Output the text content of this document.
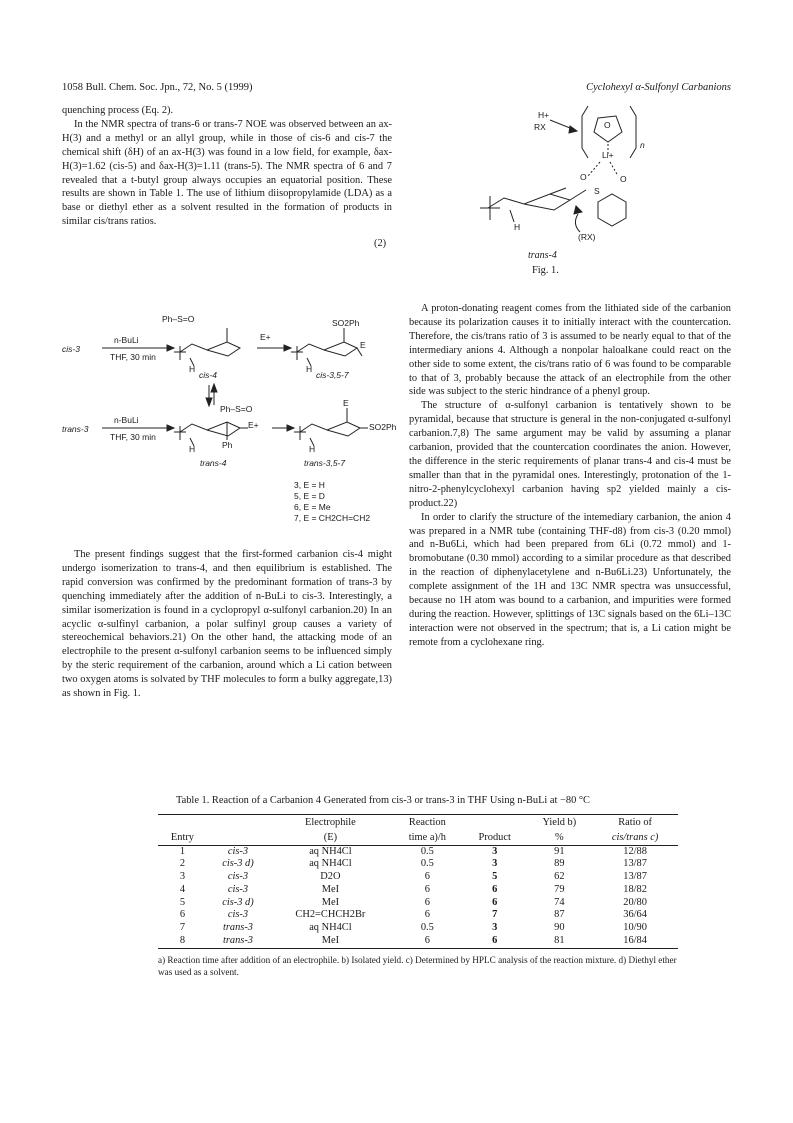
1058 Bull. Chem. Soc. Jpn., 72, No. 5 (1999)	Cyclohexyl α-Sulfonyl Carbanions

quenching process (Eq. 2).

In the NMR spectra of trans-6 or trans-7 NOE was observed between an ax-H(3) and a methyl or an allyl group, while in those of cis-6 and cis-7 the chemical shift (δH) of an ax-H(3) was found in a low field, for example, δax-H(3)=1.62 (cis-5) and δax-H(3)=1.11 (trans-5). The NMR spectra of 6 and 7 revealed that a t-butyl group always occupies an equatorial position. These results are shown in Table 1. The use of lithium diisopropylamide (LDA) as a base or diethyl ether as a solvent resulted in the formation of products in similar cis/trans ratios.

Ph–S=O	SO2Ph
E+
E
cis-3
n-BuLi
THF, 30 min
H
cis-4
H
cis-3,5-7
trans-3
n-BuLi
THF, 30 min
Ph–S=O
E+
Ph
H
trans-4
E
SO2Ph
H
trans-3,5-7
3, E = H
5, E = D
6, E = Me
7, E = CH2CH=CH2
(2)

The present findings suggest that the first-formed carbanion cis-4 might undergo isomerization to trans-4, and then equilibrium is established. The rapid conversion was confirmed by the predominant formation of trans-3 by quenching immediately after the addition of n-BuLi to cis-3. Interestingly, a similar isomerization is found in a cyclopropyl α-sulfonyl carbanion.20) In an acyclic α-sulfinyl carbanion, a polar sulfinyl group causes a variety of stereochemical behaviors.21) On the other hand, the attacking mode of an electrophile to the present α-sulfonyl carbanion seems to be influenced simply by the steric requirement of the carbanion, around which a Li cation between two oxygen atoms is solvated by THF molecules to form a bulky aggregate,13) as shown in Fig. 1.

H+
RX	O
n
Li+
O	O
S
H
(RX)
trans-4
Fig. 1.

A proton-donating reagent comes from the lithiated side of the carbanion because its polarization causes it to initially interact with the countercation. Therefore, the cis/trans ratio of 3 is assumed to be nearly equal to that of the intermediary anions 4. Although a nonpolar haloalkane could react on the other side to some extent, the cis/trans ratio of 6 was found to be comparable to that of 3, probably because the attack of an electrophile from the other side was subject to the steric hindrance of a phenyl group.

The structure of α-sulfonyl carbanion is tentatively shown to be pyramidal, because that structure is general in the non-conjugated α-sulfonyl carbanion.7,8) The same argument may be valid by assuming a planar carbanion, provided that the countercation coordinates the anion. However, the difference in the steric requirements of planar trans-4 and cis-4 must be smaller than that in the pyramidal ones. Interestingly, protonation of the 1-nitro-2-phenylcyclohexyl carbanion having sp2 yielded mainly a cis-product.22)

In order to clarify the structure of the intemediary carbanion, the anion 4 was prepared in a NMR tube (containing THF-d8) from cis-3 (0.20 mmol) and n-Bu6Li, which had been prepared from 6Li (0.72 mmol) and 1-bromobutane (0.30 mmol) according to a similar procedure as that described in the reaction of diphenylacetylene and n-Bu6Li.23) Unfortunately, the complete assignment of the 1H and 13C NMR spectra was unsuccessful, because no 1H atom was bound to a carbanion, and impurities were formed during the reaction. However, splittings of 13C signals based on the 6Li–13C interaction were not observed in the spectrum; that is, a Li cation might be remote from a cyclohexane ring.

Table 1. Reaction of a Carbanion 4 Generated from cis-3 or trans-3 in THF Using n-BuLi at −80 °C
		Electrophile	Reaction		Yield b)	Ratio of
Entry		(E)	time a)/h	Product	%	cis/trans c)
1	cis-3	aq NH4Cl	0.5	3	91	12/88
2	cis-3 d)	aq NH4Cl	0.5	3	89	13/87
3	cis-3	D2O	6	5	62	13/87
4	cis-3	MeI	6	6	79	18/82
5	cis-3 d)	MeI	6	6	74	20/80
6	cis-3	CH2=CHCH2Br	6	7	87	36/64
7	trans-3	aq NH4Cl	0.5	3	90	10/90
8	trans-3	MeI	6	6	81	16/84
a) Reaction time after addition of an electrophile. b) Isolated yield. c) Determined by HPLC analysis of the reaction mixture. d) Diethyl ether was used as a solvent.
